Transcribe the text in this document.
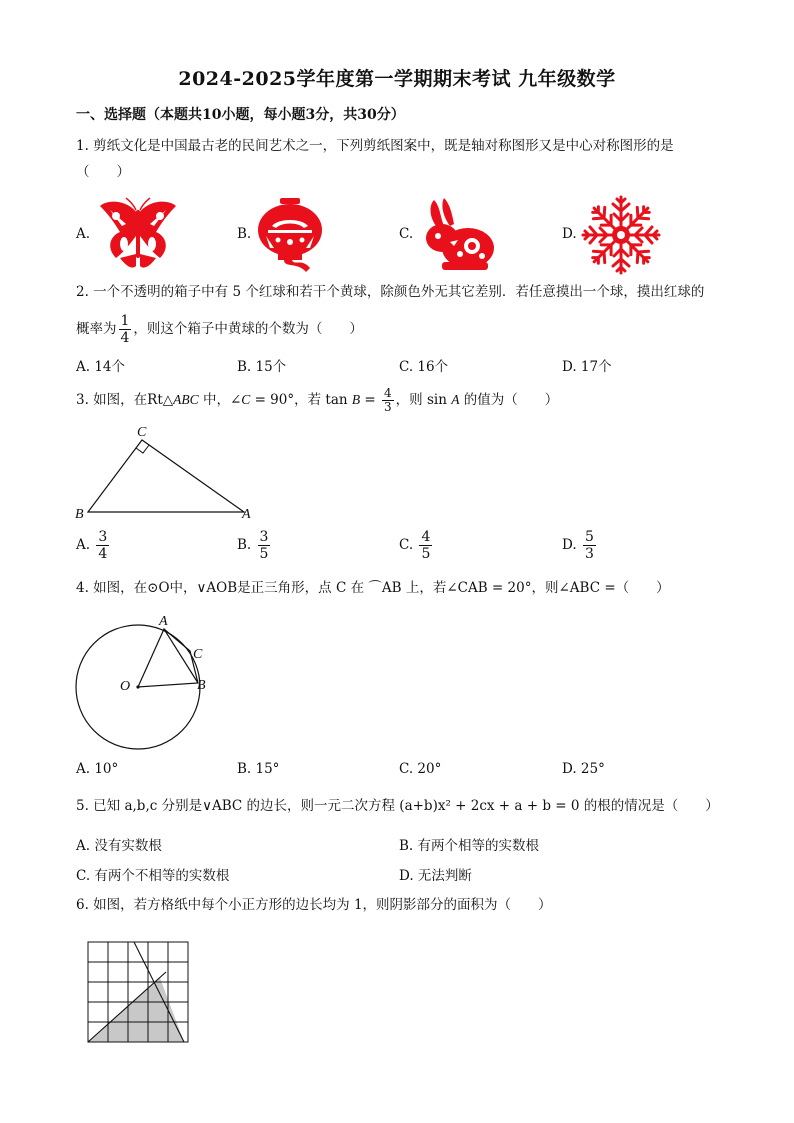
2024-2025学年度第一学期期末考试 九年级数学
一、选择题（本题共10小题，每小题3分，共30分）
1. 剪纸文化是中国最古老的民间艺术之一，下列剪纸图案中，既是轴对称图形又是中心对称图形的是
（　　）
A.	B.	C.	D.
2. 一个不透明的箱子中有 5 个红球和若干个黄球，除颜色外无其它差别．若任意摸出一个球，摸出红球的
概率为 $\frac{1}{4}$ ，则这个箱子中黄球的个数为（　　）
A. 14个	B. 15个	C. 16个	D. 17个
3. 如图，在Rt△ABC 中，∠C = 90°，若 $\tan B = \frac{4}{3}$ ，则 sin A 的值为（　　）
C
B	A
A. $\frac{3}{4}$	B. $\frac{3}{5}$	C. $\frac{4}{5}$	D. $\frac{5}{3}$
4. 如图，在⊙O中，∨AOB是正三角形，点 C 在 ⌒AB 上，若∠CAB = 20°，则∠ABC =（　　）
A
C
O	B
A. 10°	B. 15°	C. 20°	D. 25°
5. 已知 a,b,c 分别是∨ABC 的边长，则一元二次方程 (a+b)x² + 2cx + a + b = 0 的根的情况是（　　）
A. 没有实数根	B. 有两个相等的实数根
C. 有两个不相等的实数根	D. 无法判断
6. 如图，若方格纸中每个小正方形的边长均为 1，则阴影部分的面积为（　　）
